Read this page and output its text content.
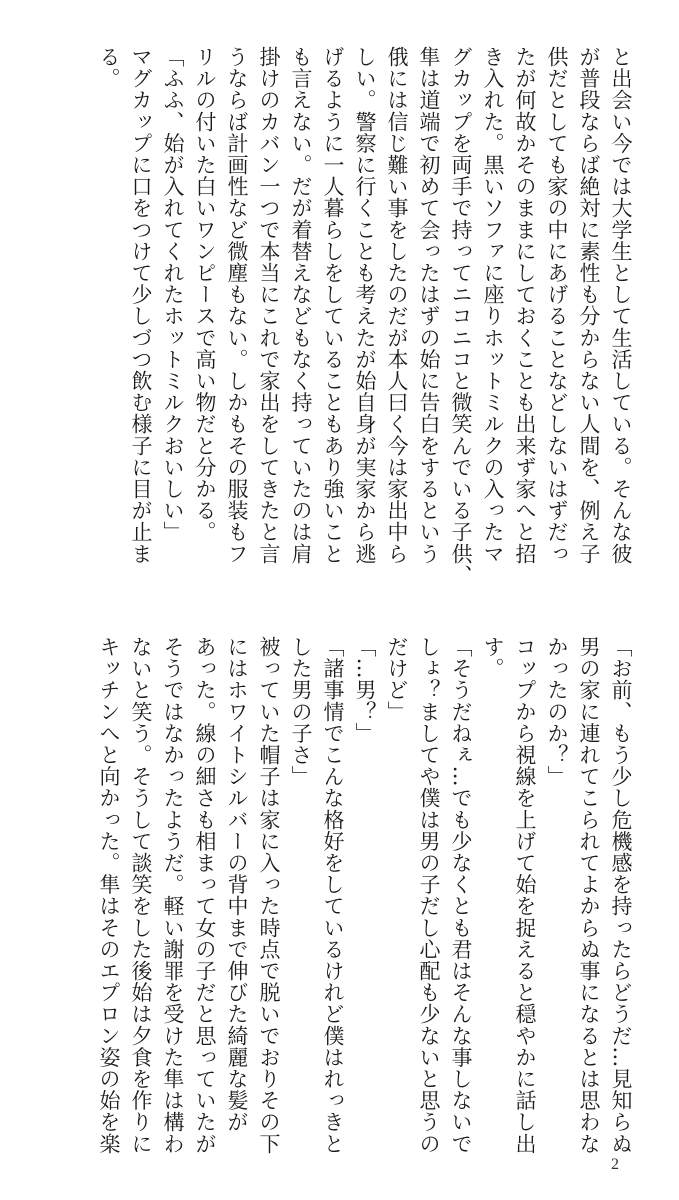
と出会い今では大学生として生活している。そんな彼
が普段ならば絶対に素性も分からない人間を、例え子
供だとしても家の中にあげることなどしないはずだっ
たが何故かそのままにしておくことも出来ず家へと招
き入れた。黒いソファに座りホットミルクの入ったマ
グカップを両手で持ってニコニコと微笑んでいる子供、
隼は道端で初めて会ったはずの始に告白をするという
俄には信じ難い事をしたのだが本人曰く今は家出中ら
しい。警察に行くことも考えたが始自身が実家から逃
げるように一人暮らしをしていることもあり強いこと
も言えない。だが着替えなどもなく持っていたのは肩
掛けのカバン一つで本当にこれで家出をしてきたと言
うならば計画性など微塵もない。しかもその服装もフ
リルの付いた白いワンピースで高い物だと分かる。
「ふふ、始が入れてくれたホットミルクおいしい」
マグカップに口をつけて少しづつ飲む様子に目が止ま
る。
「お前、もう少し危機感を持ったらどうだ…見知らぬ
男の家に連れてこられてよからぬ事になるとは思わな
かったのか？」
コップから視線を上げて始を捉えると穏やかに話し出
す。
「そうだねぇ…でも少なくとも君はそんな事しないで
しょ？ましてや僕は男の子だし心配も少ないと思うの
だけど」
「…男？」
「諸事情でこんな格好をしているけれど僕はれっきと
した男の子さ」
被っていた帽子は家に入った時点で脱いでおりその下
にはホワイトシルバーの背中まで伸びた綺麗な髪が
あった。線の細さも相まって女の子だと思っていたが
そうではなかったようだ。軽い謝罪を受けた隼は構わ
ないと笑う。そうして談笑をした後始は夕食を作りに
キッチンへと向かった。隼はそのエプロン姿の始を楽
2
